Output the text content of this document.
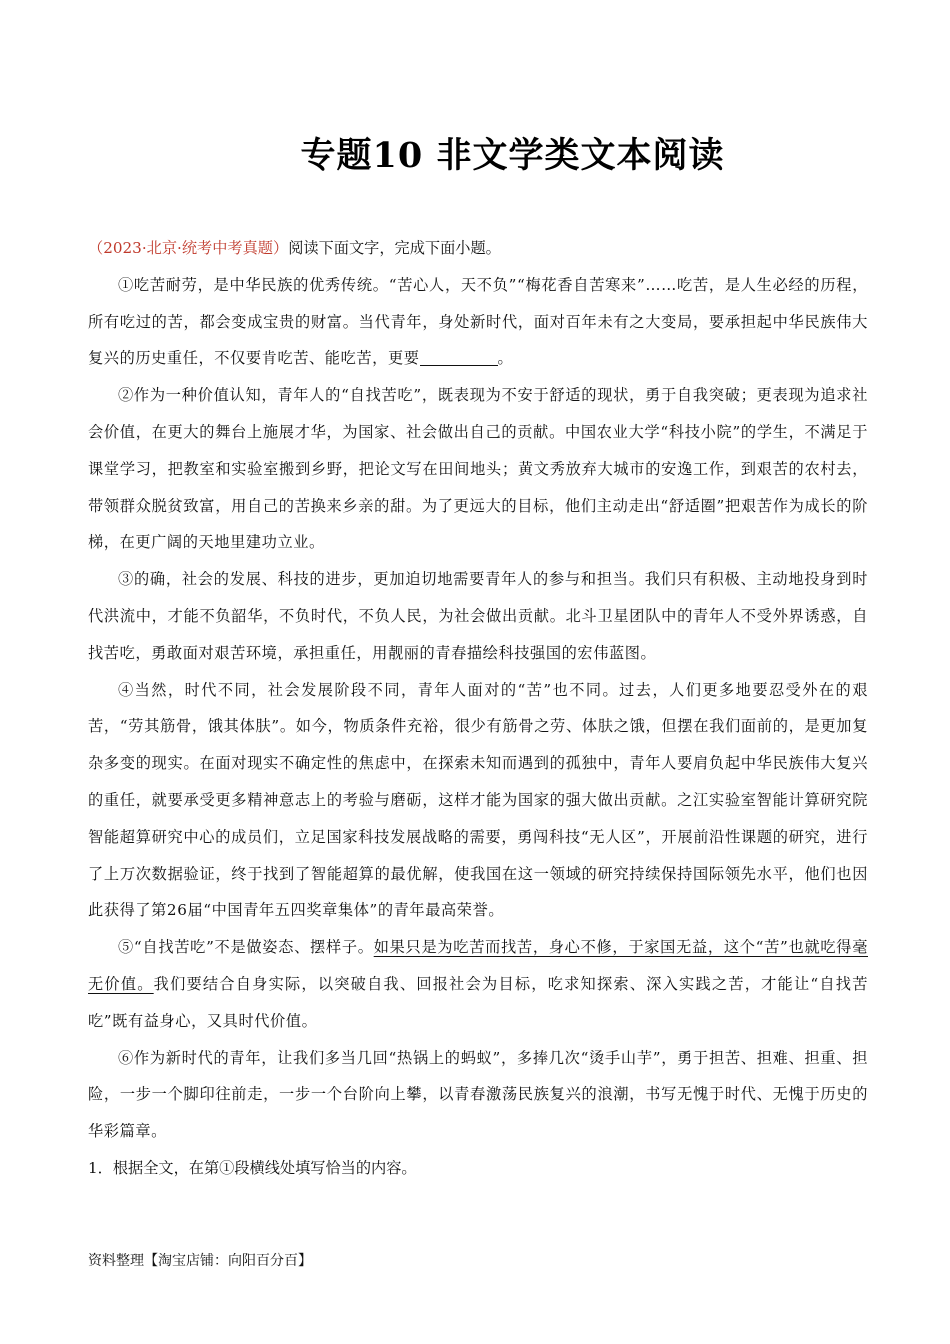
专题10 非文学类文本阅读

（2023·北京·统考中考真题）阅读下面文字，完成下面小题。

①吃苦耐劳，是中华民族的优秀传统。“苦心人，天不负”“梅花香自苦寒来”……吃苦，是人生必经的历程，所有吃过的苦，都会变成宝贵的财富。当代青年，身处新时代，面对百年未有之大变局，要承担起中华民族伟大复兴的历史重任，不仅要肯吃苦、能吃苦，更要	。

②作为一种价值认知，青年人的“自找苦吃”，既表现为不安于舒适的现状，勇于自我突破；更表现为追求社会价值，在更大的舞台上施展才华，为国家、社会做出自己的贡献。中国农业大学“科技小院”的学生，不满足于课堂学习，把教室和实验室搬到乡野，把论文写在田间地头；黄文秀放弃大城市的安逸工作，到艰苦的农村去，带领群众脱贫致富，用自己的苦换来乡亲的甜。为了更远大的目标，他们主动走出“舒适圈”把艰苦作为成长的阶梯，在更广阔的天地里建功立业。

③的确，社会的发展、科技的进步，更加迫切地需要青年人的参与和担当。我们只有积极、主动地投身到时代洪流中，才能不负韶华，不负时代，不负人民，为社会做出贡献。北斗卫星团队中的青年人不受外界诱惑，自找苦吃，勇敢面对艰苦环境，承担重任，用靓丽的青春描绘科技强国的宏伟蓝图。

④当然，时代不同，社会发展阶段不同，青年人面对的“苦”也不同。过去，人们更多地要忍受外在的艰苦，“劳其筋骨，饿其体肤”。如今，物质条件充裕，很少有筋骨之劳、体肤之饿，但摆在我们面前的，是更加复杂多变的现实。在面对现实不确定性的焦虑中，在探索未知而遇到的孤独中，青年人要肩负起中华民族伟大复兴的重任，就要承受更多精神意志上的考验与磨砺，这样才能为国家的强大做出贡献。之江实验室智能计算研究院智能超算研究中心的成员们，立足国家科技发展战略的需要，勇闯科技“无人区”，开展前沿性课题的研究，进行了上万次数据验证，终于找到了智能超算的最优解，使我国在这一领域的研究持续保持国际领先水平，他们也因此获得了第26届“中国青年五四奖章集体”的青年最高荣誉。

⑤“自找苦吃”不是做姿态、摆样子。如果只是为吃苦而找苦，身心不修，于家国无益，这个“苦”也就吃得毫无价值。我们要结合自身实际，以突破自我、回报社会为目标，吃求知探索、深入实践之苦，才能让“自找苦吃”既有益身心，又具时代价值。

⑥作为新时代的青年，让我们多当几回“热锅上的蚂蚁”，多捧几次“烫手山芋”，勇于担苦、担难、担重、担险，一步一个脚印往前走，一步一个台阶向上攀，以青春激荡民族复兴的浪潮，书写无愧于时代、无愧于历史的华彩篇章。

1．根据全文，在第①段横线处填写恰当的内容。

资料整理【淘宝店铺：向阳百分百】
